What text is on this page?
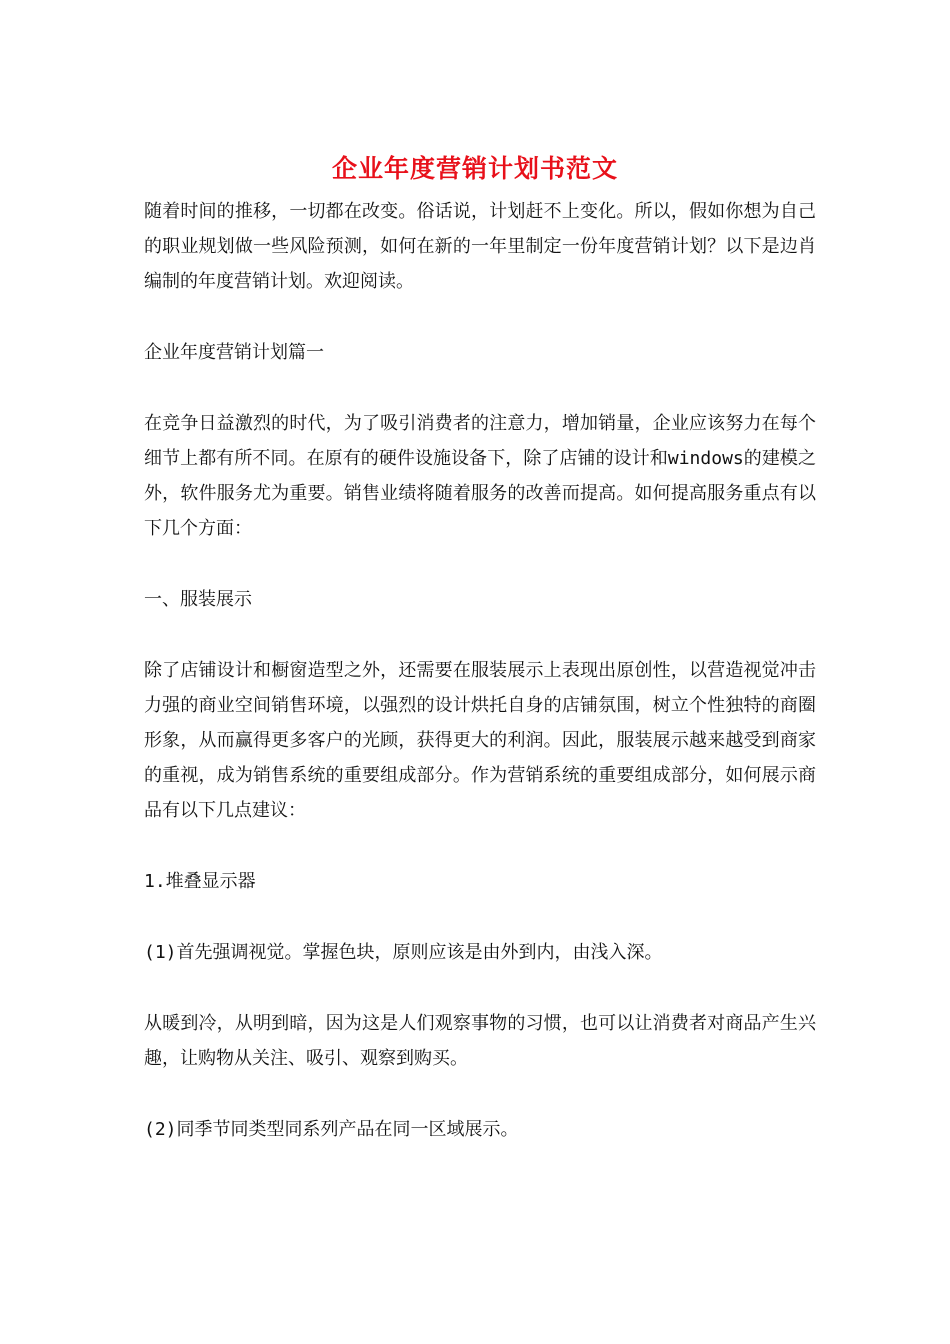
企业年度营销计划书范文

随着时间的推移，一切都在改变。俗话说，计划赶不上变化。所以，假如你想为自己的职业规划做一些风险预测，如何在新的一年里制定一份年度营销计划？以下是边肖编制的年度营销计划。欢迎阅读。

企业年度营销计划篇一

在竞争日益激烈的时代，为了吸引消费者的注意力，增加销量，企业应该努力在每个细节上都有所不同。在原有的硬件设施设备下，除了店铺的设计和windows的建模之外，软件服务尤为重要。销售业绩将随着服务的改善而提高。如何提高服务重点有以下几个方面：

一、服装展示

除了店铺设计和橱窗造型之外，还需要在服装展示上表现出原创性，以营造视觉冲击力强的商业空间销售环境，以强烈的设计烘托自身的店铺氛围，树立个性独特的商圈形象，从而赢得更多客户的光顾，获得更大的利润。因此，服装展示越来越受到商家的重视，成为销售系统的重要组成部分。作为营销系统的重要组成部分，如何展示商品有以下几点建议：

1.堆叠显示器

(1)首先强调视觉。掌握色块，原则应该是由外到内，由浅入深。

从暖到冷，从明到暗，因为这是人们观察事物的习惯，也可以让消费者对商品产生兴趣，让购物从关注、吸引、观察到购买。

(2)同季节同类型同系列产品在同一区域展示。
